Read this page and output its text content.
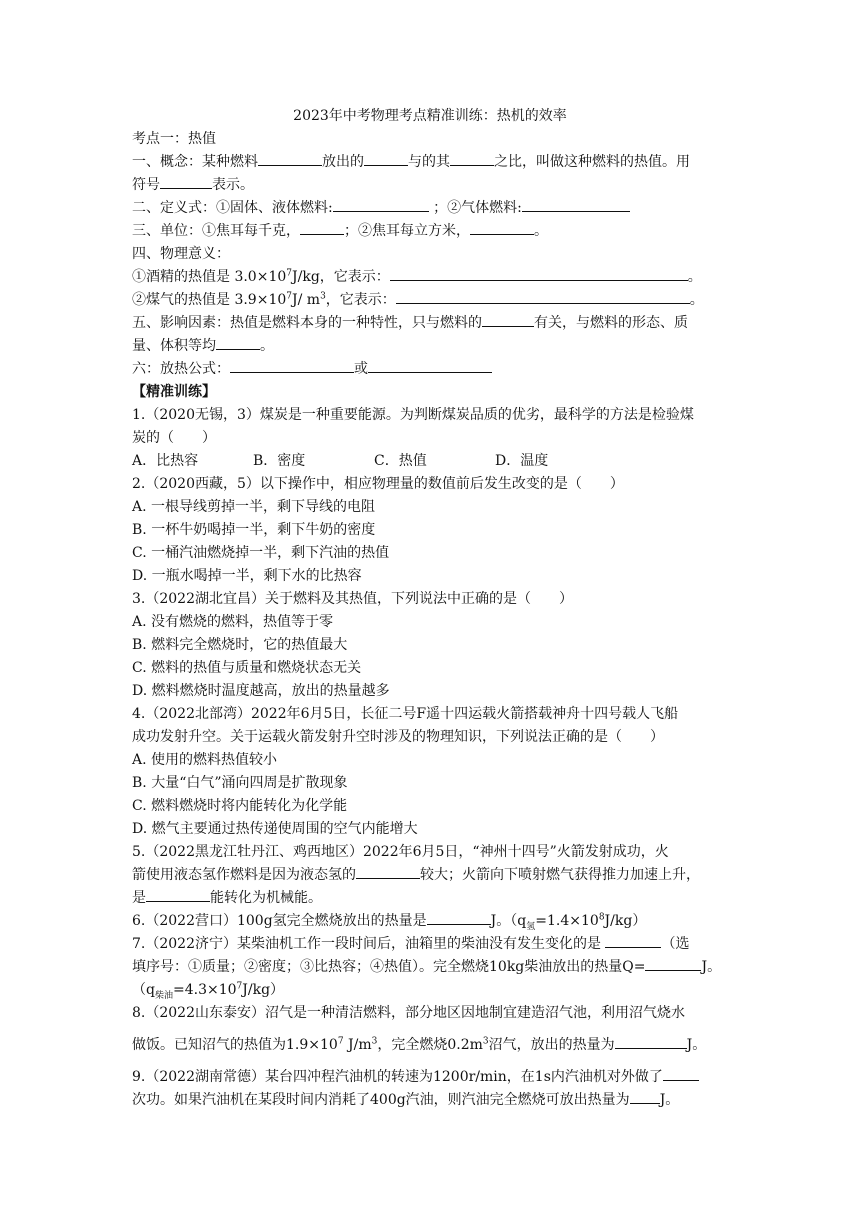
2023年中考物理考点精准训练：热机的效率
考点一：热值
一、概念：某种燃料	放出的	与的其	之比，叫做这种燃料的热值。用
符号	表示。
二、定义式：①固体、液体燃料:	；②气体燃料:
三、单位：①焦耳每千克，	；②焦耳每立方米，	。
四、物理意义：
①酒精的热值是 $3.0\times 10^7J/kg$，它表示：	。
②煤气的热值是 $3.9\times 10^7J/$ $m^3$，它表示：	。
五、影响因素：热值是燃料本身的一种特性，只与燃料的	有关，与燃料的形态、质
量、体积等均	。
六：放热公式：	或
【精准训练】
1.（2020无锡，3）煤炭是一种重要能源。为判断煤炭品质的优劣，最科学的方法是检验煤
炭的（　　）
A．比热容	B．密度	C．热值	D．温度
2.（2020西藏，5）以下操作中，相应物理量的数值前后发生改变的是（　　）
A. 一根导线剪掉一半，剩下导线的电阻
B. 一杯牛奶喝掉一半，剩下牛奶的密度
C. 一桶汽油燃烧掉一半，剩下汽油的热值
D. 一瓶水喝掉一半，剩下水的比热容
3.（2022湖北宜昌）关于燃料及其热值，下列说法中正确的是（　　）
A. 没有燃烧的燃料，热值等于零
B. 燃料完全燃烧时，它的热值最大
C. 燃料的热值与质量和燃烧状态无关
D. 燃料燃烧时温度越高，放出的热量越多
4.（2022北部湾）2022年6月5日，长征二号F遥十四运载火箭搭载神舟十四号载人飞船
成功发射升空。关于运载火箭发射升空时涉及的物理知识，下列说法正确的是（　　）
A. 使用的燃料热值较小
B. 大量“白气”涌向四周是扩散现象
C. 燃料燃烧时将内能转化为化学能
D. 燃气主要通过热传递使周围的空气内能增大
5.（2022黑龙江牡丹江、鸡西地区）2022年6月5日，“神州十四号”火箭发射成功，火
箭使用液态氢作燃料是因为液态氢的	较大；火箭向下喷射燃气获得推力加速上升，
是	能转化为机械能。
6.（2022营口）100g氢完全燃烧放出的热量是	J。$(q_氢=1.4\times 10^8J/kg)$
7.（2022济宁）某柴油机工作一段时间后，油箱里的柴油没有发生变化的是	（选
填序号：①质量；②密度；③比热容；④热值）。完全燃烧10kg柴油放出的热量Q=	J。
$(q_{柴油}=4.3\times 10^7J/kg)$
8.（2022山东泰安）沼气是一种清洁燃料，部分地区因地制宜建造沼气池，利用沼气烧水
做饭。已知沼气的热值为$1.9\times 10^7$ $J/m^3$，完全燃烧$0.2m^3$沼气，放出的热量为	J。
9.（2022湖南常德）某台四冲程汽油机的转速为1200r/min，在1s内汽油机对外做了
次功。如果汽油机在某段时间内消耗了400g汽油，则汽油完全燃烧可放出热量为 J。
